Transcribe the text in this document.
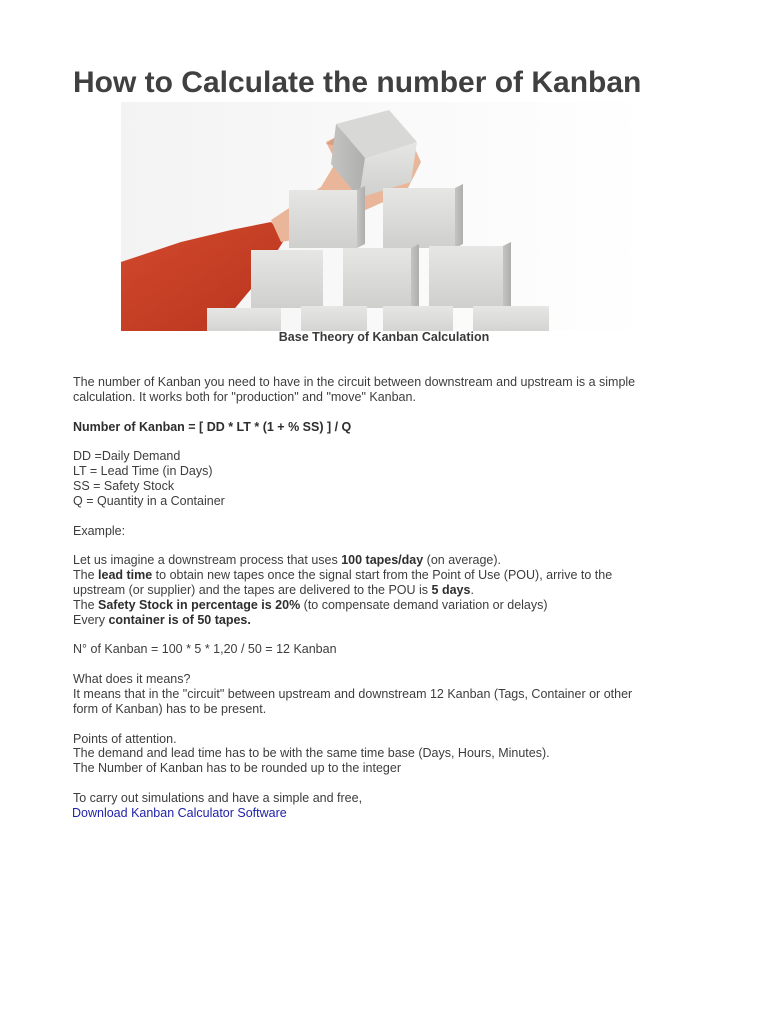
How to Calculate the number of Kanban
Base Theory of Kanban Calculation

The number of Kanban you need to have in the circuit between downstream and upstream is a simple

calculation. It works both for "production" and "move" Kanban.

Number of Kanban = [ DD * LT * (1 + % SS) ] / Q

DD =Daily Demand

LT = Lead Time (in Days)

SS = Safety Stock

Q = Quantity in a Container

Example:

Let us imagine a downstream process that uses 100 tapes/day (on average).

The lead time to obtain new tapes once the signal start from the Point of Use (POU), arrive to the

upstream (or supplier) and the tapes are delivered to the POU is 5 days.

The Safety Stock in percentage is 20% (to compensate demand variation or delays)

Every container is of 50 tapes.

N° of Kanban = 100 * 5 * 1,20 / 50 = 12 Kanban

What does it means?

It means that in the "circuit" between upstream and downstream 12 Kanban (Tags, Container or other

form of Kanban) has to be present.

Points of attention.

The demand and lead time has to be with the same time base (Days, Hours, Minutes).

The Number of Kanban has to be rounded up to the integer

To carry out simulations and have a simple and free,

Download Kanban Calculator Software
